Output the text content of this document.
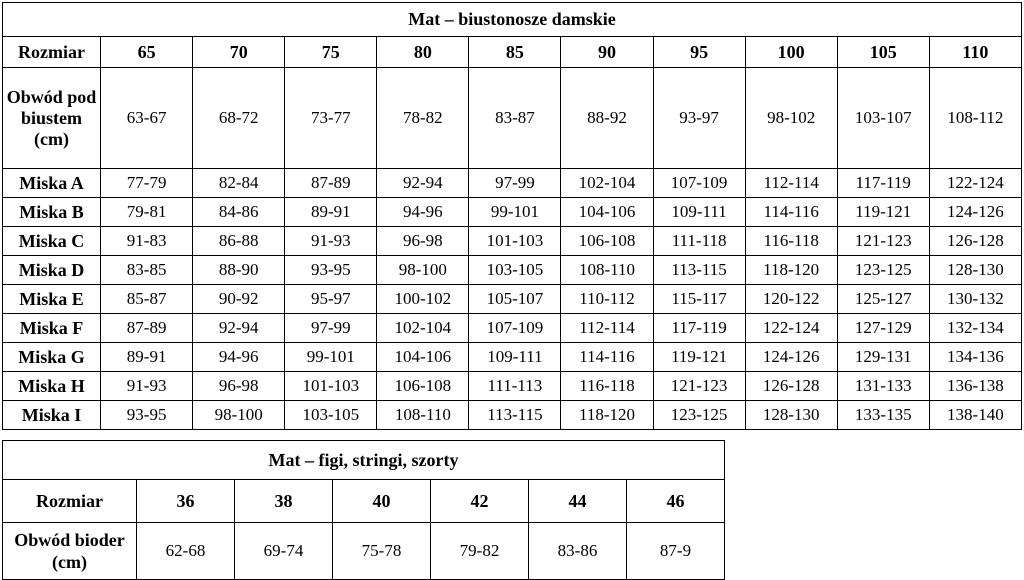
Mat – biustonosze damskie										
Rozmiar	65	70	75	80	85	90	95	100	105	110
Obwód pod biustem (cm)	63-67	68-72	73-77	78-82	83-87	88-92	93-97	98-102	103-107	108-112
Miska A	77-79	82-84	87-89	92-94	97-99	102-104	107-109	112-114	117-119	122-124
Miska B	79-81	84-86	89-91	94-96	99-101	104-106	109-111	114-116	119-121	124-126
Miska C	91-83	86-88	91-93	96-98	101-103	106-108	111-118	116-118	121-123	126-128
Miska D	83-85	88-90	93-95	98-100	103-105	108-110	113-115	118-120	123-125	128-130
Miska E	85-87	90-92	95-97	100-102	105-107	110-112	115-117	120-122	125-127	130-132
Miska F	87-89	92-94	97-99	102-104	107-109	112-114	117-119	122-124	127-129	132-134
Miska G	89-91	94-96	99-101	104-106	109-111	114-116	119-121	124-126	129-131	134-136
Miska H	91-93	96-98	101-103	106-108	111-113	116-118	121-123	126-128	131-133	136-138
Miska I	93-95	98-100	103-105	108-110	113-115	118-120	123-125	128-130	133-135	138-140
Mat – figi, stringi, szorty						
Rozmiar	36	38	40	42	44	46
Obwód bioder (cm)	62-68	69-74	75-78	79-82	83-86	87-9
